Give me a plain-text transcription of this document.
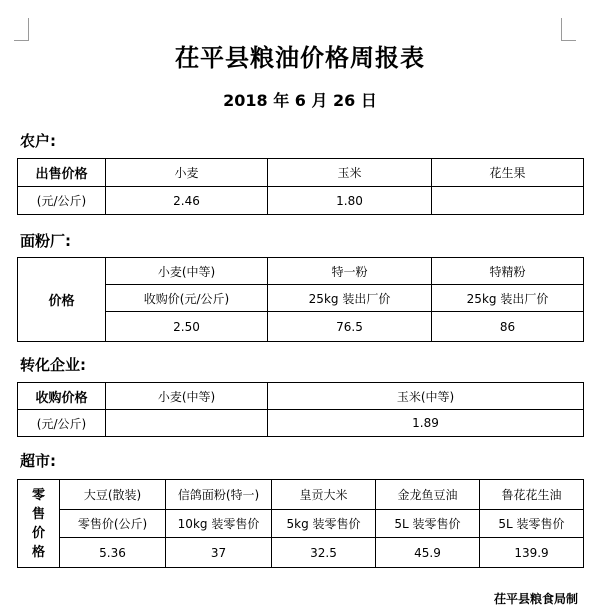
茌平县粮油价格周报表
2018 年 6 月 26 日
农户:
出售价格	小麦	玉米	花生果
(元/公斤)	2.46	1.80	
面粉厂:
价格	小麦(中等)	特一粉	特精粉
	收购价(元/公斤)	25kg 装出厂价	25kg 装出厂价
	2.50	76.5	86
转化企业:
收购价格	小麦(中等)	玉米(中等)
(元/公斤)		1.89
超市:
零
售
价
格	大豆(散装)	信鸽面粉(特一)	皇贡大米	金龙鱼豆油	鲁花花生油
	零售价(公斤)	10kg 装零售价	5kg 装零售价	5L 装零售价	5L 装零售价
	5.36	37	32.5	45.9	139.9
茌平县粮食局制
